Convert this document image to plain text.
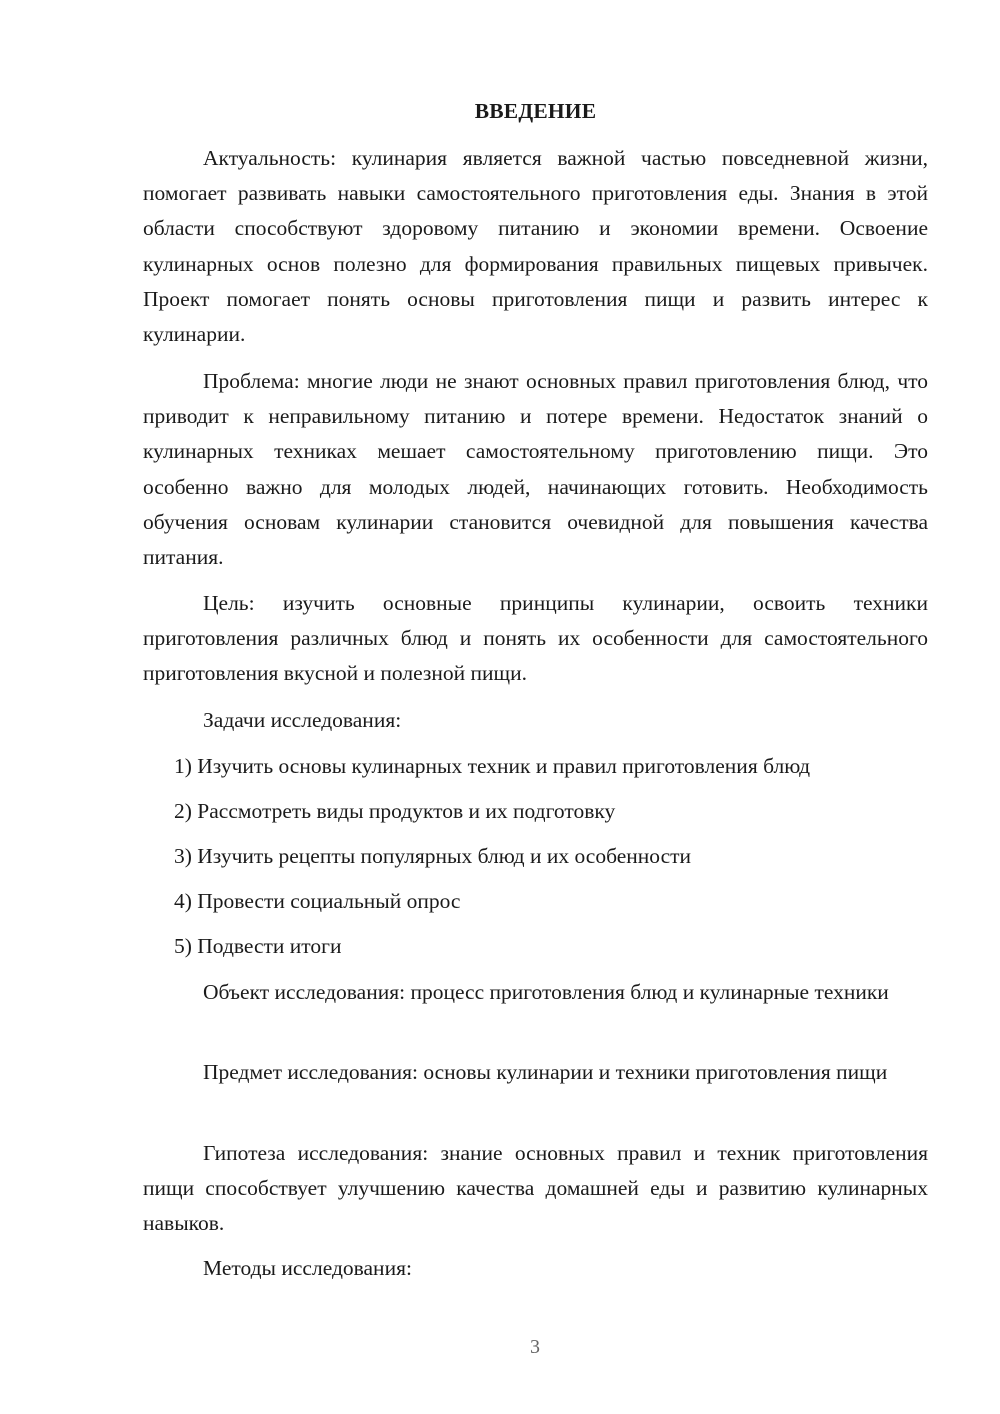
ВВЕДЕНИЕ

Актуальность: кулинария является важной частью повседневной жизни, помогает развивать навыки самостоятельного приготовления еды. Знания в этой области способствуют здоровому питанию и экономии времени. Освоение кулинарных основ полезно для формирования правильных пищевых привычек. Проект помогает понять основы приготовления пищи и развить интерес к кулинарии.

Проблема: многие люди не знают основных правил приготовления блюд, что приводит к неправильному питанию и потере времени. Недостаток знаний о кулинарных техниках мешает самостоятельному приготовлению пищи. Это особенно важно для молодых людей, начинающих готовить. Необходимость обучения основам кулинарии становится очевидной для повышения качества питания.

Цель: изучить основные принципы кулинарии, освоить техники приготовления различных блюд и понять их особенности для самостоятельного приготовления вкусной и полезной пищи.

Задачи исследования:

1) Изучить основы кулинарных техник и правил приготовления блюд

2) Рассмотреть виды продуктов и их подготовку

3) Изучить рецепты популярных блюд и их особенности

4) Провести социальный опрос

5) Подвести итоги

Объект исследования: процесс приготовления блюд и кулинарные техники

Предмет исследования: основы кулинарии и техники приготовления пищи

Гипотеза исследования: знание основных правил и техник приготовления пищи способствует улучшению качества домашней еды и развитию кулинарных навыков.

Методы исследования:

3
